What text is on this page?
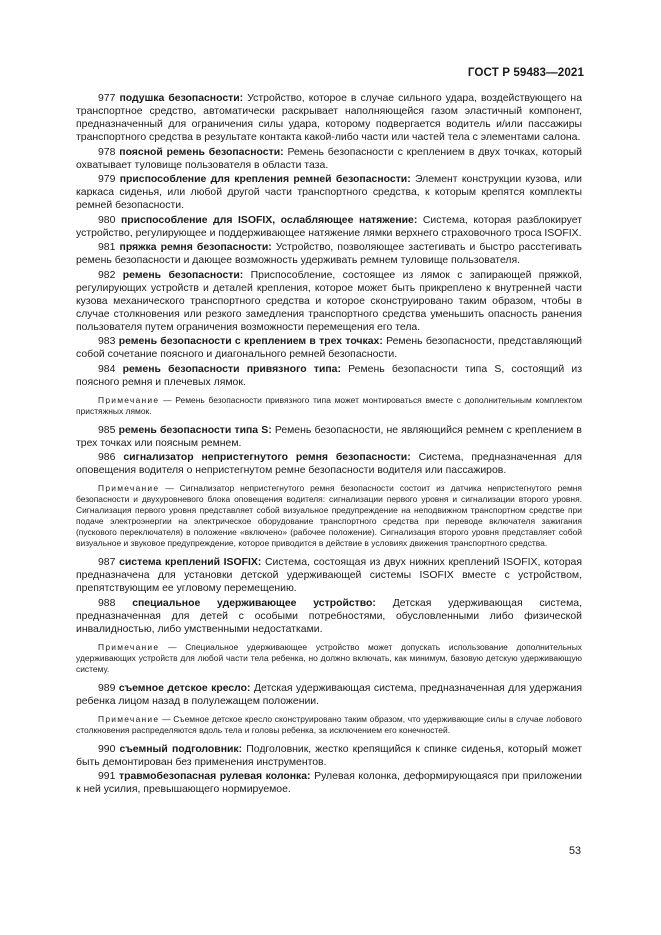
ГОСТ Р 59483—2021

977 подушка безопасности: Устройство, которое в случае сильного удара, воздействующего на транспортное средство, автоматически раскрывает наполняющейся газом эластичный компонент, предназначенный для ограничения силы удара, которому подвергается водитель и/или пассажиры транспортного средства в результате контакта какой-либо части или частей тела с элементами салона.

978 поясной ремень безопасности: Ремень безопасности с креплением в двух точках, который охватывает туловище пользователя в области таза.

979 приспособление для крепления ремней безопасности: Элемент конструкции кузова, или каркаса сиденья, или любой другой части транспортного средства, к которым крепятся комплекты ремней безопасности.

980 приспособление для ISOFIX, ослабляющее натяжение: Система, которая разблокирует устройство, регулирующее и поддерживающее натяжение лямки верхнего страховочного троса ISOFIX.

981 пряжка ремня безопасности: Устройство, позволяющее застегивать и быстро расстегивать ремень безопасности и дающее возможность удерживать ремнем туловище пользователя.

982 ремень безопасности: Приспособление, состоящее из лямок с запирающей пряжкой, регулирующих устройств и деталей крепления, которое может быть прикреплено к внутренней части кузова механического транспортного средства и которое сконструировано таким образом, чтобы в случае столкновения или резкого замедления транспортного средства уменьшить опасность ранения пользователя путем ограничения возможности перемещения его тела.

983 ремень безопасности с креплением в трех точках: Ремень безопасности, представляющий собой сочетание поясного и диагонального ремней безопасности.

984 ремень безопасности привязного типа: Ремень безопасности типа S, состоящий из поясного ремня и плечевых лямок.

Примечание — Ремень безопасности привязного типа может монтироваться вместе с дополнительным комплектом пристяжных лямок.

985 ремень безопасности типа S: Ремень безопасности, не являющийся ремнем с креплением в трех точках или поясным ремнем.

986 сигнализатор непристегнутого ремня безопасности: Система, предназначенная для оповещения водителя о непристегнутом ремне безопасности водителя или пассажиров.

Примечание — Сигнализатор непристегнутого ремня безопасности состоит из датчика непристегнутого ремня безопасности и двухуровневого блока оповещения водителя: сигнализации первого уровня и сигнализации второго уровня. Сигнализация первого уровня представляет собой визуальное предупреждение на неподвижном транспортном средстве при подаче электроэнергии на электрическое оборудование транспортного средства при переводе включателя зажигания (пускового переключателя) в положение «включено» (рабочее положение). Сигнализация второго уровня представляет собой визуальное и звуковое предупреждение, которое приводится в действие в условиях движения транспортного средства.

987 система креплений ISOFIX: Система, состоящая из двух нижних креплений ISOFIX, которая предназначена для установки детской удерживающей системы ISOFIX вместе с устройством, препятствующим ее угловому перемещению.

988 специальное удерживающее устройство: Детская удерживающая система, предназначенная для детей с особыми потребностями, обусловленными либо физической инвалидностью, либо умственными недостатками.

Примечание — Специальное удерживающее устройство может допускать использование дополнительных удерживающих устройств для любой части тела ребенка, но должно включать, как минимум, базовую детскую удерживающую систему.

989 съемное детское кресло: Детская удерживающая система, предназначенная для удержания ребенка лицом назад в полулежащем положении.

Примечание — Съемное детское кресло сконструировано таким образом, что удерживающие силы в случае лобового столкновения распределяются вдоль тела и головы ребенка, за исключением его конечностей.

990 съемный подголовник: Подголовник, жестко крепящийся к спинке сиденья, который может быть демонтирован без применения инструментов.

991 травмобезопасная рулевая колонка: Рулевая колонка, деформирующаяся при приложении к ней усилия, превышающего нормируемое.

53
